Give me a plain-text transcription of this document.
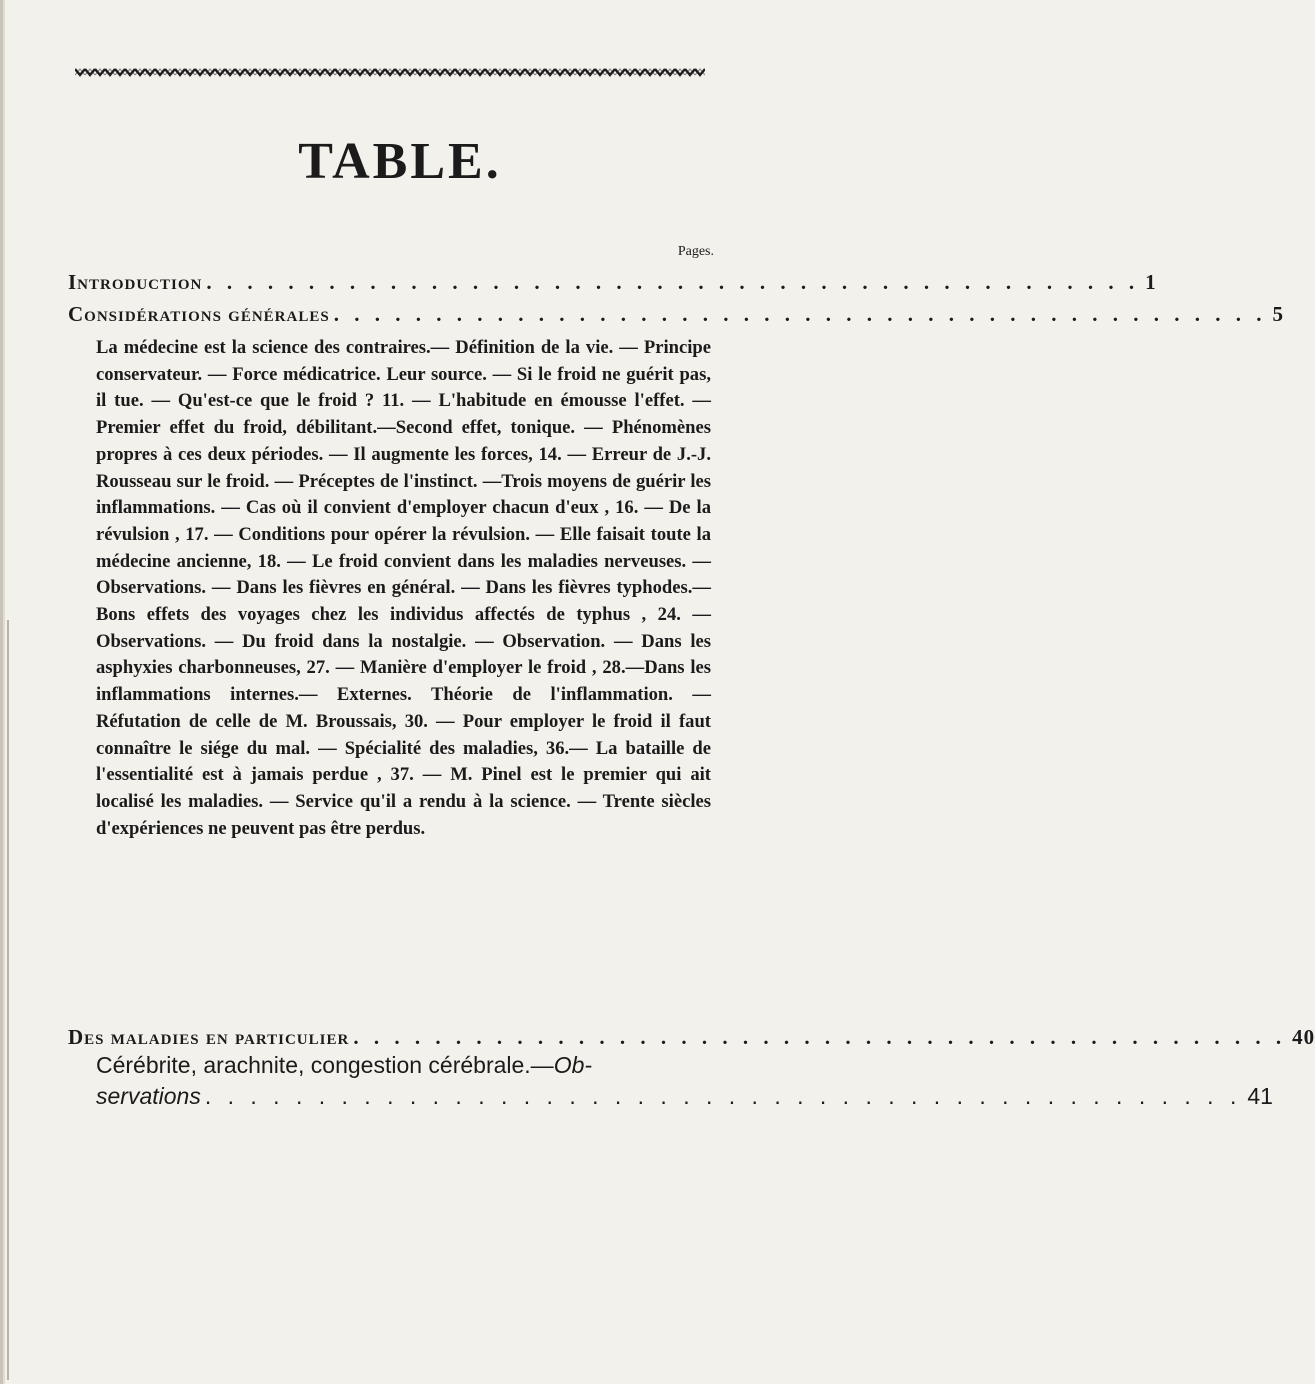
TABLE.
Pages.
Introduction . . . . . . . . . . . . . . . . . . . . . . . . . . . . . . . . . . . . . . . . . . . . . . 1
Considérations générales . . . . . . . . . . . . . . . . . . . . . . . . . . . . . . . . . . . . . . . . . . . . . . 5

La médecine est la science des contraires.— Définition de la vie. — Principe conservateur. — Force médicatrice. Leur source. — Si le froid ne guérit pas, il tue. — Qu'est-ce que le froid ? 11. — L'habitude en émousse l'effet. — Premier effet du froid, débilitant.—Second effet, tonique. — Phénomènes propres à ces deux périodes. — Il augmente les forces, 14. — Erreur de J.-J. Rousseau sur le froid. — Préceptes de l'instinct. —Trois moyens de guérir les inflammations. — Cas où il convient d'employer chacun d'eux , 16. — De la révulsion , 17. — Conditions pour opérer la révulsion. — Elle faisait toute la médecine ancienne, 18. — Le froid convient dans les maladies nerveuses. — Observations. — Dans les fièvres en général. — Dans les fièvres typhodes.— Bons effets des voyages chez les individus affectés de typhus , 24. — Observations. — Du froid dans la nostalgie. — Observation. — Dans les asphyxies charbonneuses, 27. — Manière d'employer le froid , 28.—Dans les inflammations internes.— Externes. Théorie de l'inflammation. — Réfutation de celle de M. Broussais, 30. — Pour employer le froid il faut connaître le siége du mal. — Spécialité des maladies, 36.— La bataille de l'essentialité est à jamais perdue , 37. — M. Pinel est le premier qui ait localisé les maladies. — Service qu'il a rendu à la science. — Trente siècles d'expériences ne peuvent pas être perdus.

Des maladies en particulier . . . . . . . . . . . . . . . . . . . . . . . . . . . . . . . . . . . . . . . . . . . . . . 40
Cérébrite, arachnite, congestion cérébrale.—Ob-
servations . . . . . . . . . . . . . . . . . . . . . . . . . . . . . . . . . . . . . . . . . . . . . . 41
